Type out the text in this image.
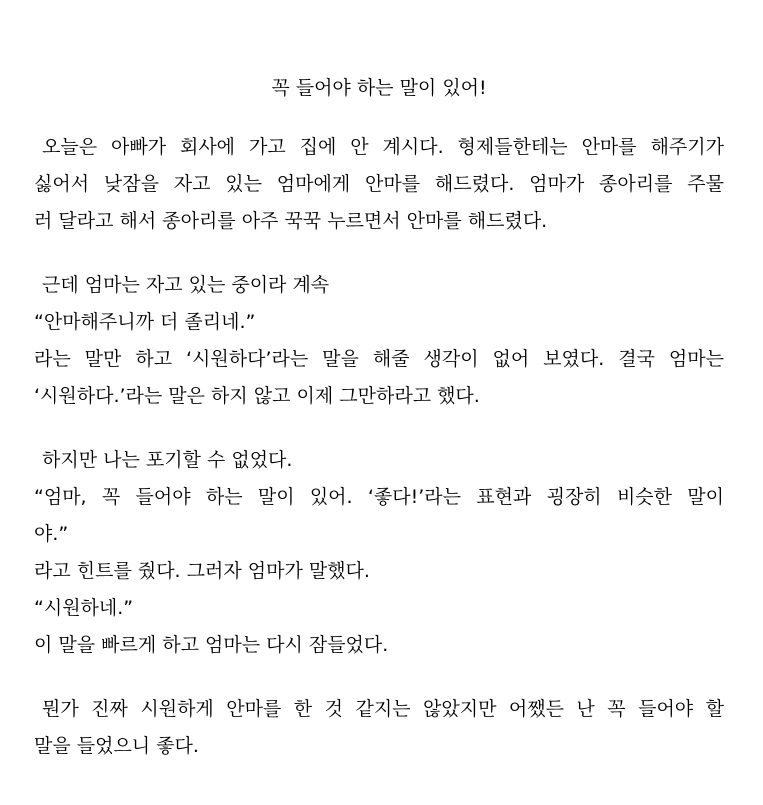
꼭 들어야 하는 말이 있어!
오늘은 아빠가 회사에 가고 집에 안 계시다. 형제들한테는 안마를 해주기가
싫어서 낮잠을 자고 있는 엄마에게 안마를 해드렸다. 엄마가 종아리를 주물
러 달라고 해서 종아리를 아주 꾹꾹 누르면서 안마를 해드렸다.
근데 엄마는 자고 있는 중이라 계속
“안마해주니까 더 졸리네.”
라는 말만 하고 ‘시원하다’라는 말을 해줄 생각이 없어 보였다. 결국 엄마는
‘시원하다.’라는 말은 하지 않고 이제 그만하라고 했다.
하지만 나는 포기할 수 없었다.
“엄마, 꼭 들어야 하는 말이 있어. ‘좋다!’라는 표현과 굉장히 비슷한 말이
야.”
라고 힌트를 줬다. 그러자 엄마가 말했다.
“시원하네.”
이 말을 빠르게 하고 엄마는 다시 잠들었다.
뭔가 진짜 시원하게 안마를 한 것 같지는 않았지만 어쨌든 난 꼭 들어야 할
말을 들었으니 좋다.
